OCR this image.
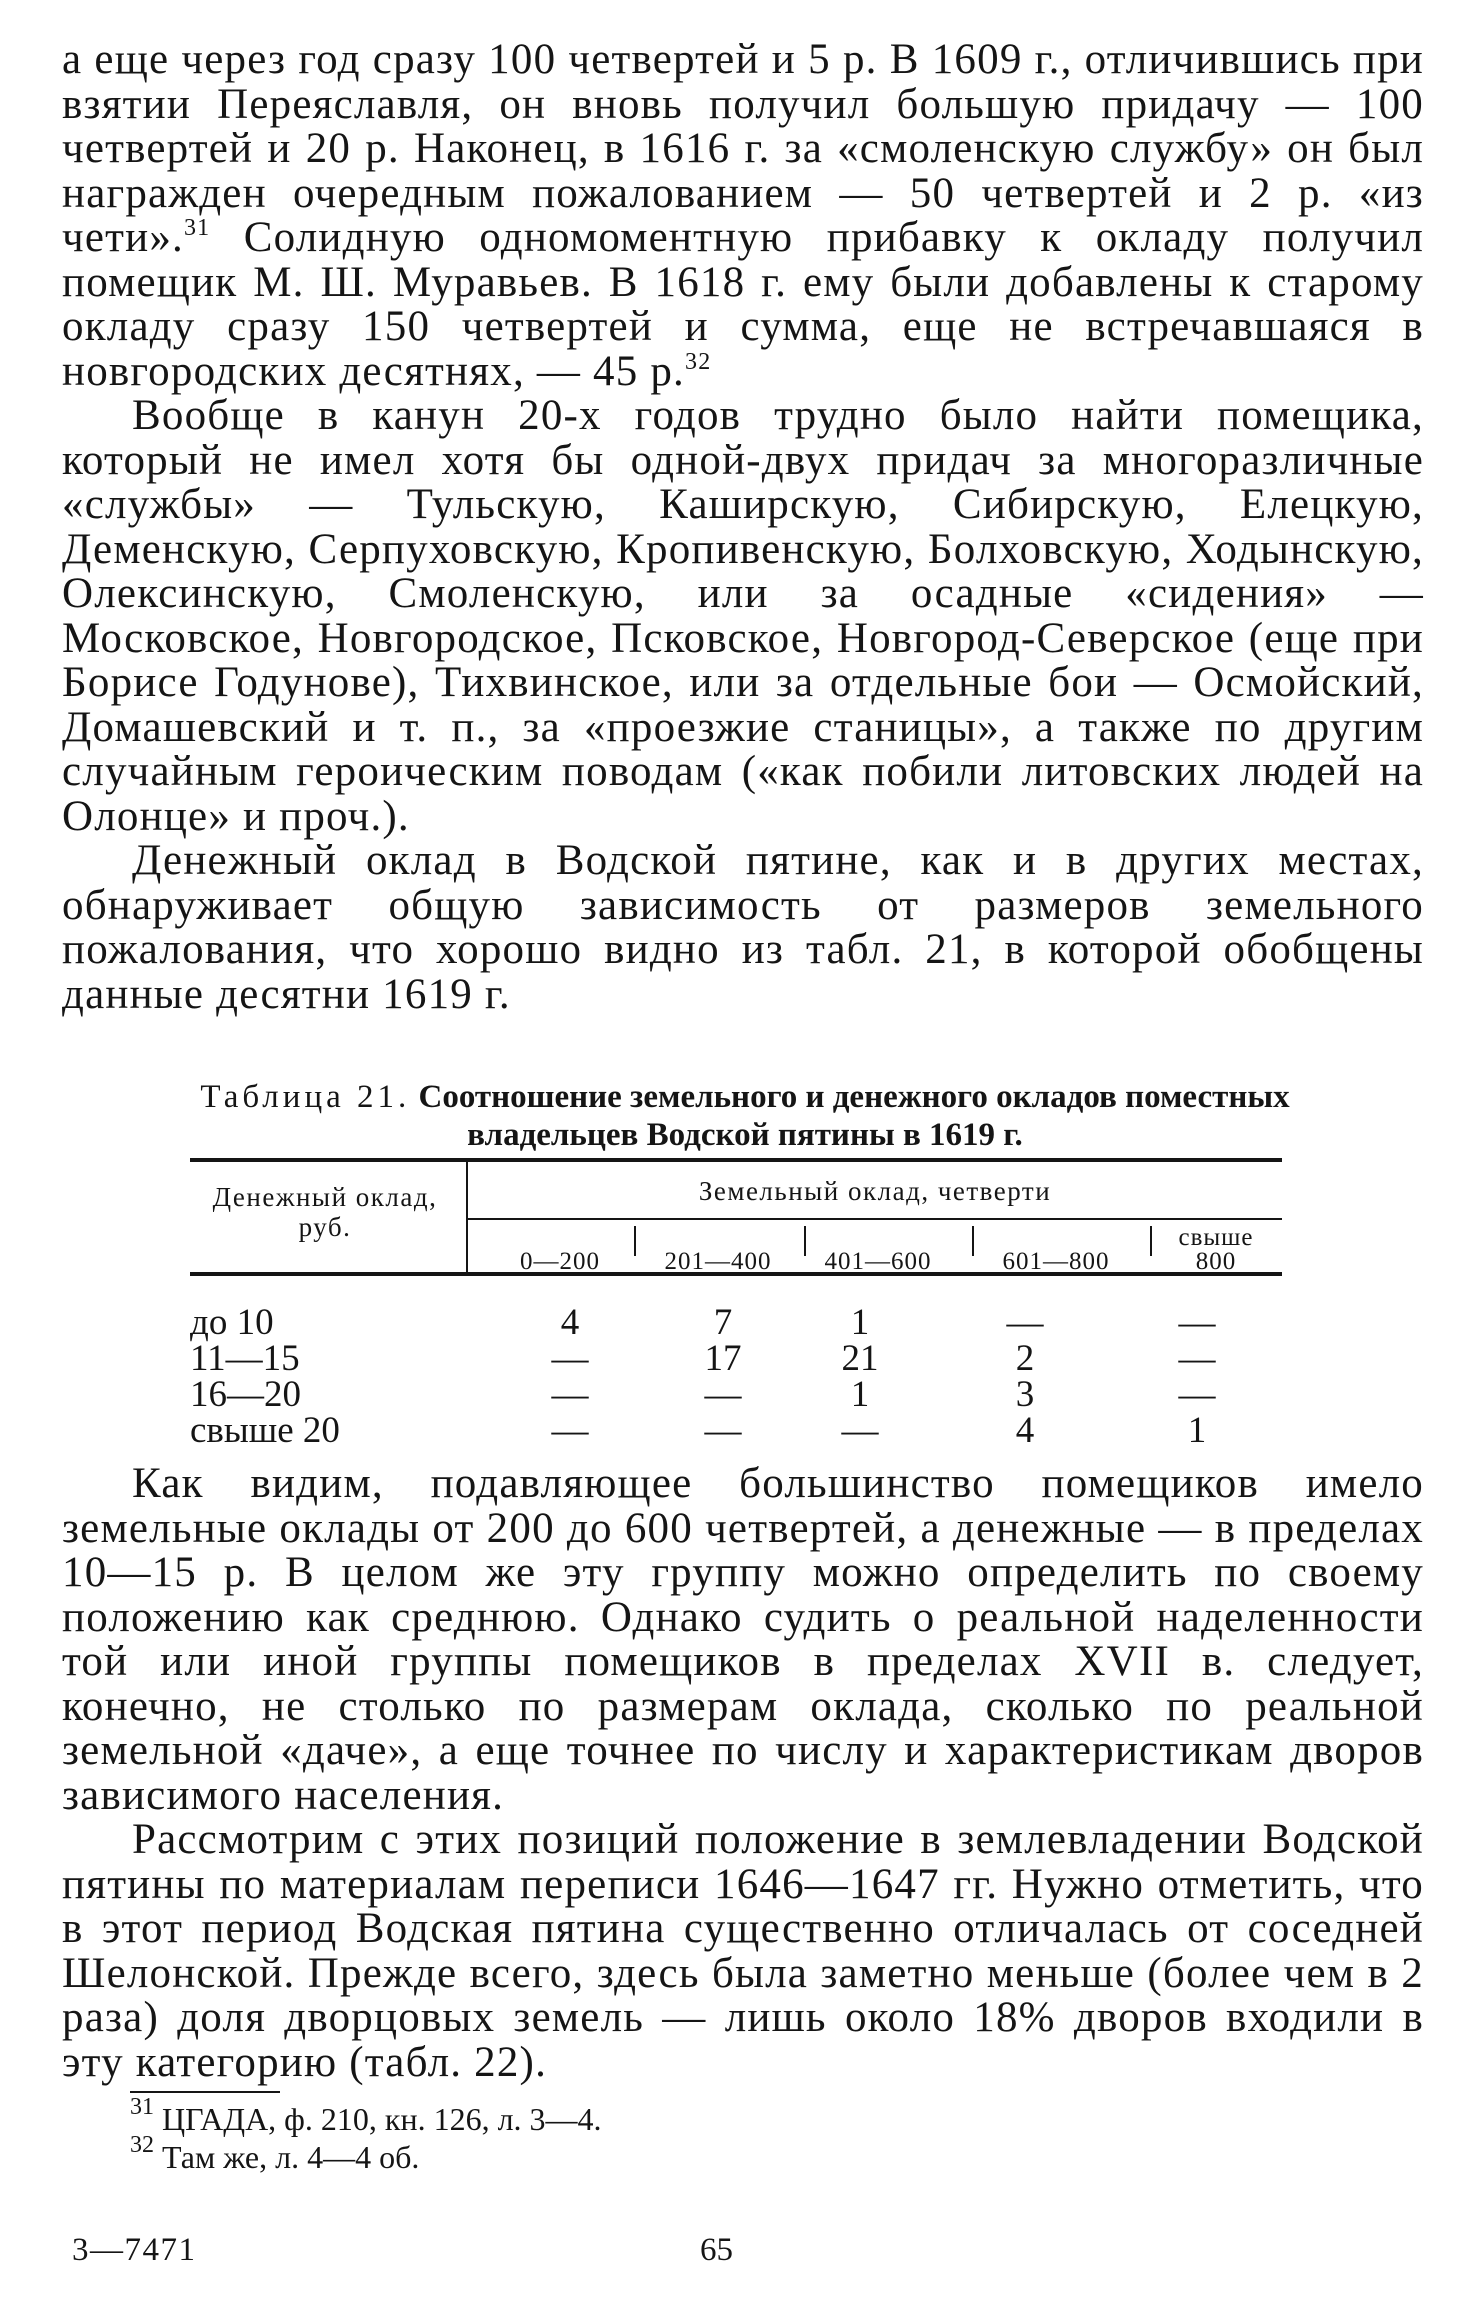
а еще через год сразу 100 четвертей и 5 р. В 1609 г., отличившись при взятии Переяславля, он вновь получил большую придачу — 100 четвертей и 20 р. Наконец, в 1616 г. за «смоленскую службу» он был награжден очередным пожалованием — 50 четвертей и 2 р. «из чети».$^{31}$ Солидную одномоментную прибавку к окладу получил помещик М. Ш. Муравьев. В 1618 г. ему были добавлены к старому окладу сразу 150 четвертей и сумма, еще не встречавшаяся в новгородских десятнях, — 45 р.$^{32}$

Вообще в канун 20-х годов трудно было найти помещика, который не имел хотя бы одной-двух придач за многоразличные «службы» — Тульскую, Каширскую, Сибирскую, Елецкую, Деменскую, Серпуховскую, Кропивенскую, Болховскую, Ходынскую, Олексинскую, Смоленскую, или за осадные «сидения» — Московское, Новгородское, Псковское, Новгород-Северское (еще при Борисе Годунове), Тихвинское, или за отдельные бои — Осмойский, Домашевский и т. п., за «проезжие станицы», а также по другим случайным героическим поводам («как побили литовских людей на Олонце» и проч.).

Денежный оклад в Водской пятине, как и в других местах, обнаруживает общую зависимость от размеров земельного пожалования, что хорошо видно из табл. 21, в которой обобщены данные десятни 1619 г.

Таблица 21. Соотношение земельного и денежного окладов поместных владельцев Водской пятины в 1619 г.
Денежный оклад, руб.
Земельный оклад, четверти
0—200	201—400	401—600	601—800
свыше 800
до 10	4	7	1	—	—
11—15	—	17	21	2	—
16—20	—	—	1	3	—
свыше 20	—	—	—	4	1

Как видим, подавляющее большинство помещиков имело земельные оклады от 200 до 600 четвертей, а денежные — в пределах 10—15 р. В целом же эту группу можно определить по своему положению как среднюю. Однако судить о реальной наделенности той или иной группы помещиков в пределах XVII в. следует, конечно, не столько по размерам оклада, сколько по реальной земельной «даче», а еще точнее по числу и характеристикам дворов зависимого населения.

Рассмотрим с этих позиций положение в землевладении Водской пятины по материалам переписи 1646—1647 гг. Нужно отметить, что в этот период Водская пятина существенно отличалась от соседней Шелонской. Прежде всего, здесь была заметно меньше (более чем в 2 раза) доля дворцовых земель — лишь около 18% дворов входили в эту категорию (табл. 22).

$^{31}$ ЦГАДА, ф. 210, кн. 126, л. 3—4.
$^{32}$ Там же, л. 4—4 об.
3—7471	65
